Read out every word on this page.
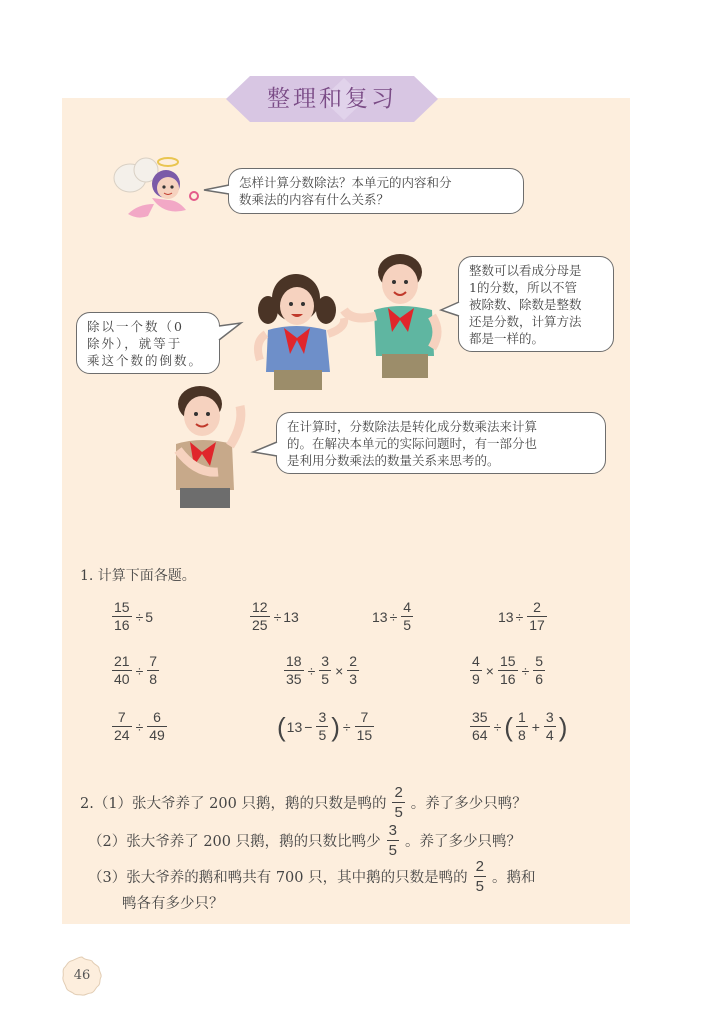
整理和复习
怎样计算分数除法？本单元的内容和分
数乘法的内容有什么关系？
除以一个数（0
除外），就等于
乘这个数的倒数。
整数可以看成分母是
1的分数，所以不管
被除数、除数是整数
还是分数，计算方法
都是一样的。
在计算时，分数除法是转化成分数乘法来计算
的。在解决本单元的实际问题时，有一部分也
是利用分数乘法的数量关系来思考的。
1. 计算下面各题。
$\frac{15}{16} \div 5$	$\frac{12}{25} \div 13$	$13 \div \frac{4}{5}$	$13 \div \frac{2}{17}$
$\frac{21}{40} \div \frac{7}{8}$	$\frac{18}{35} \div \frac{3}{5} \times \frac{2}{3}$	$\frac{4}{9} \times \frac{15}{16} \div \frac{5}{6}$
$\frac{7}{24} \div \frac{6}{49}$	( $13 - \frac{3}{5}$ ) ÷ $\frac{7}{15}$	$\frac{35}{64}$ ÷ ( $\frac{1}{8} + \frac{3}{4}$ )
2.（1）张大爷养了 200 只鹅，鹅的只数是鸭的 $\frac{2}{5}$ 。养了多少只鸭？
（2）张大爷养了 200 只鹅，鹅的只数比鸭少 $\frac{3}{5}$ 。养了多少只鸭？
（3）张大爷养的鹅和鸭共有 700 只，其中鹅的只数是鸭的 $\frac{2}{5}$ 。鹅和
鸭各有多少只？
46
